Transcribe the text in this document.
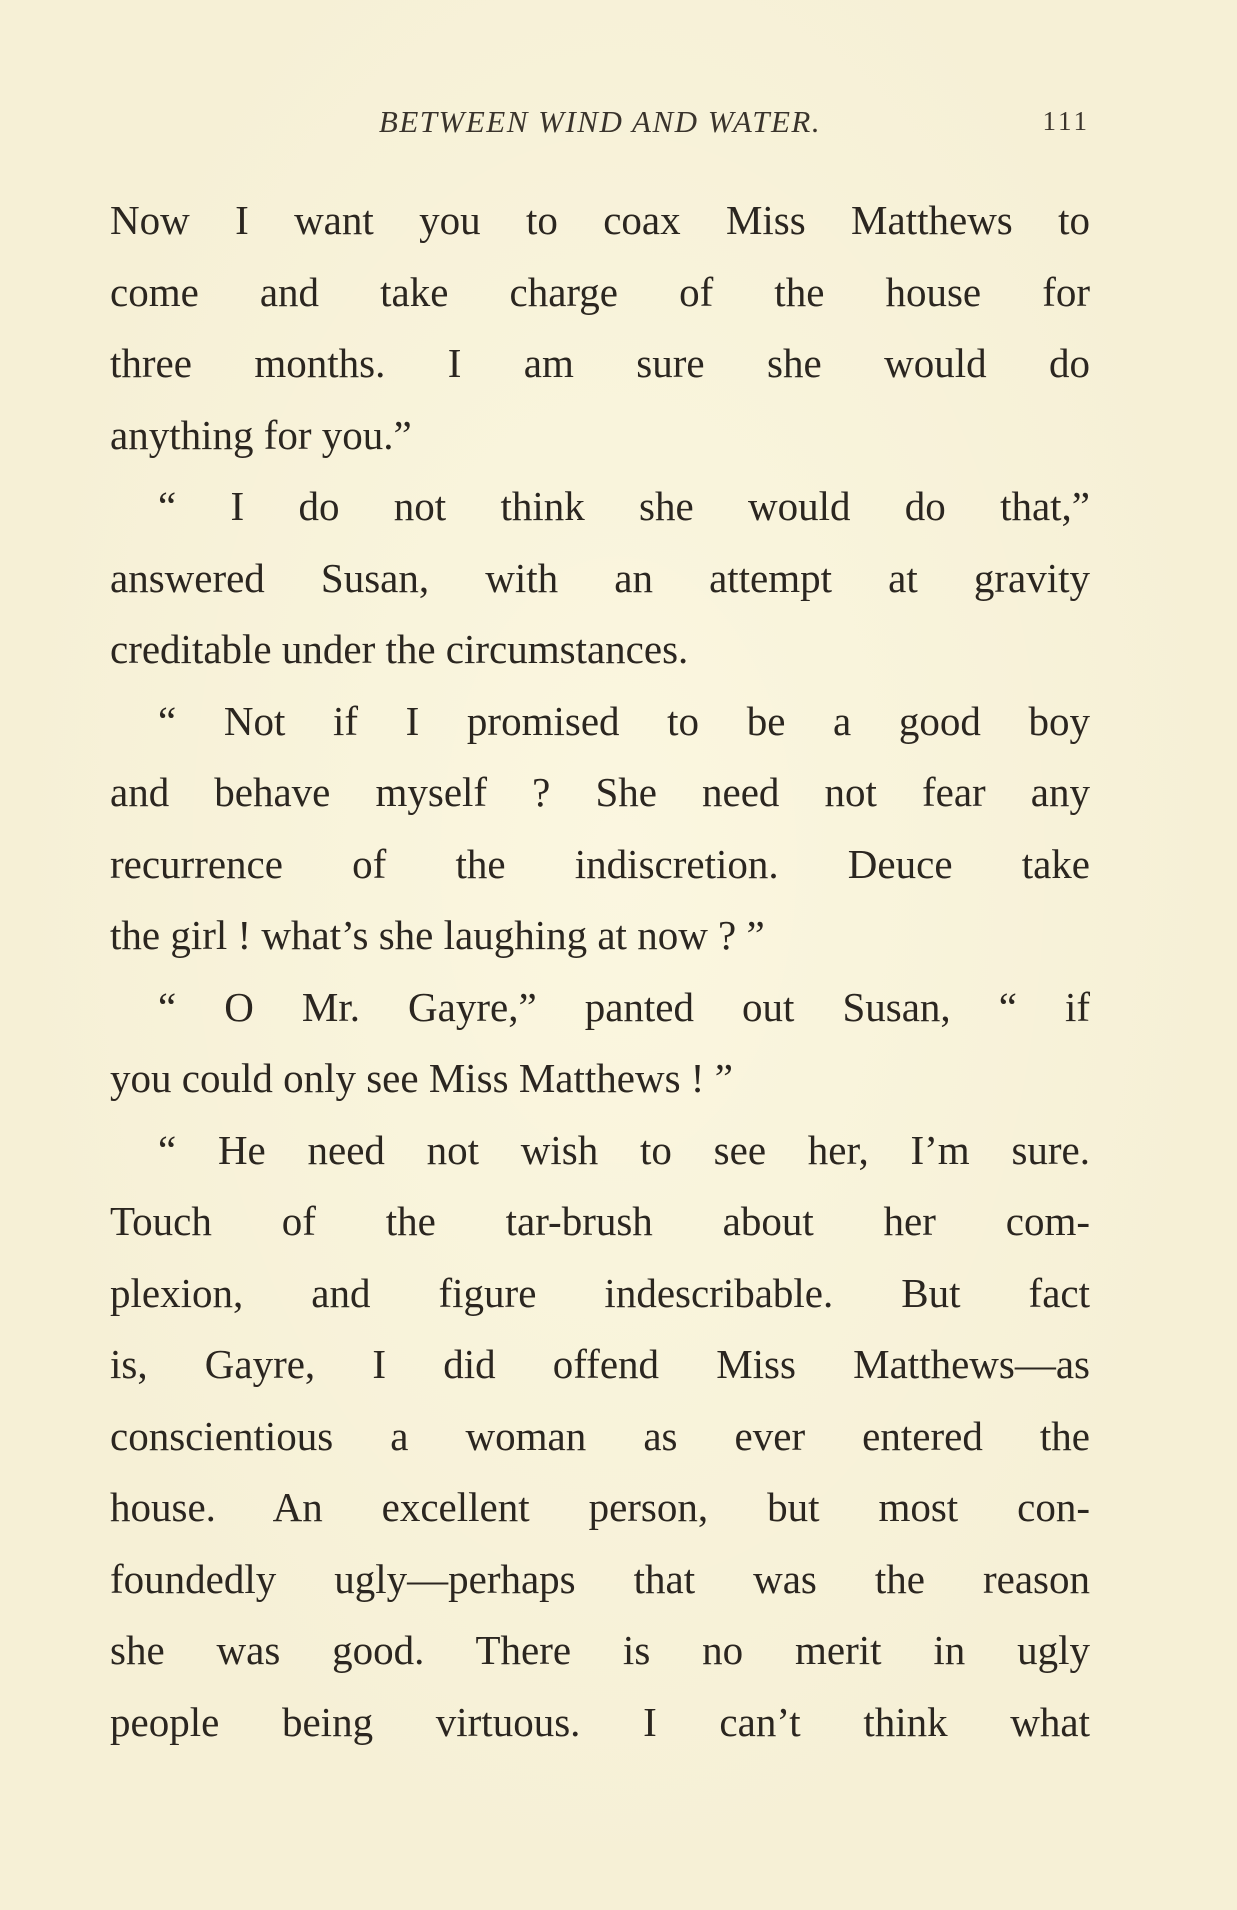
BETWEEN WIND AND WATER.	111
Now I want you to coax Miss Matthews to
come and take charge of the house for
three months. I am sure she would do
anything for you.”
“ I do not think she would do that,”
answered Susan, with an attempt at gravity
creditable under the circumstances.
“ Not if I promised to be a good boy
and behave myself ? She need not fear any
recurrence of the indiscretion. Deuce take
the girl ! what’s she laughing at now ? ”
“ O Mr. Gayre,” panted out Susan, “ if
you could only see Miss Matthews ! ”
“ He need not wish to see her, I’m sure.
Touch of the tar-brush about her com-
plexion, and figure indescribable. But fact
is, Gayre, I did offend Miss Matthews—as
conscientious a woman as ever entered the
house. An excellent person, but most con-
foundedly ugly—perhaps that was the reason
she was good. There is no merit in ugly
people being virtuous. I can’t think what
